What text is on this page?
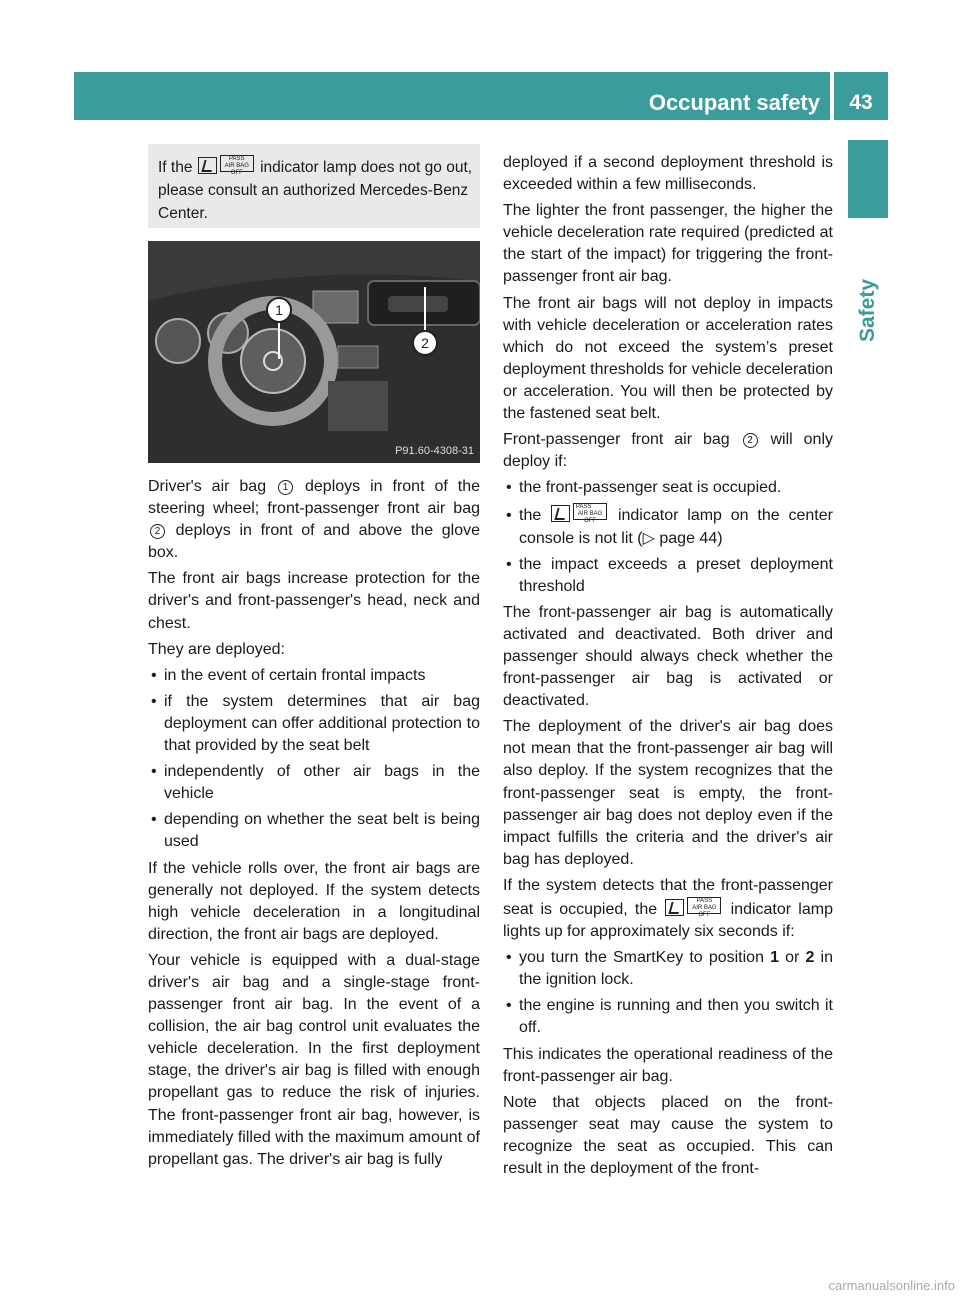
Occupant safety	43
Safety
If the	PASS
AIR BAG OFF indicator lamp does not go out, please consult an authorized Mercedes-Benz Center.
1
2
P91.60-4308-31

Driver's air bag 1 deploys in front of the steering wheel; front-passenger front air bag 2 deploys in front of and above the glove box.

The front air bags increase protection for the driver's and front-passenger's head, neck and chest.

They are deployed:

• in the event of certain frontal impacts
• if the system determines that air bag deployment can offer additional protection to that provided by the seat belt
• independently of other air bags in the vehicle
• depending on whether the seat belt is being used

If the vehicle rolls over, the front air bags are generally not deployed. If the system detects high vehicle deceleration in a longitudinal direction, the front air bags are deployed.

Your vehicle is equipped with a dual-stage driver's air bag and a single-stage front-passenger front air bag. In the event of a collision, the air bag control unit evaluates the vehicle deceleration. In the first deployment stage, the driver's air bag is filled with enough propellant gas to reduce the risk of injuries. The front-passenger front air bag, however, is immediately filled with the maximum amount of propellant gas. The driver's air bag is fully

deployed if a second deployment threshold is exceeded within a few milliseconds.

The lighter the front passenger, the higher the vehicle deceleration rate required (predicted at the start of the impact) for triggering the front-passenger front air bag.

The front air bags will not deploy in impacts with vehicle deceleration or acceleration rates which do not exceed the system’s preset deployment thresholds for vehicle deceleration or acceleration. You will then be protected by the fastened seat belt.

Front-passenger front air bag 2 will only deploy if:

• the front-passenger seat is occupied.
• the	PASS
AIR BAG OFF indicator lamp on the center console is not lit (▷ page 44)
• the impact exceeds a preset deployment threshold

The front-passenger air bag is automatically activated and deactivated. Both driver and passenger should always check whether the front-passenger air bag is activated or deactivated.

The deployment of the driver's air bag does not mean that the front-passenger air bag will also deploy. If the system recognizes that the front-passenger seat is empty, the front-passenger air bag does not deploy even if the impact fulfills the criteria and the driver's air bag has deployed.

If the system detects that the front-passenger seat is occupied, the	PASS
AIR BAG OFF indicator lamp lights up for approximately six seconds if:

• you turn the SmartKey to position 1 or 2 in the ignition lock.
• the engine is running and then you switch it off.

This indicates the operational readiness of the front-passenger air bag.

Note that objects placed on the front-passenger seat may cause the system to recognize the seat as occupied. This can result in the deployment of the front-

carmanualsonline.info
